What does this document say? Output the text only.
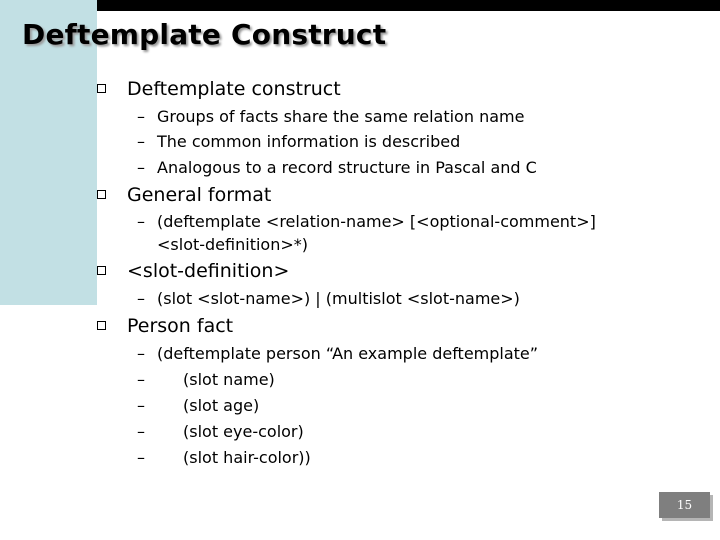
Deftemplate Construct
Deftemplate construct
– Groups of facts share the same relation name
– The common information is described
– Analogous to a record structure in Pascal and C
General format
– (deftemplate <relation-name> [<optional-comment>]
<slot-definition>*)
<slot-definition>
– (slot <slot-name>) | (multislot <slot-name>)
Person fact
– (deftemplate person “An example deftemplate”
– (slot name)
– (slot age)
– (slot eye-color)
– (slot hair-color))
15
